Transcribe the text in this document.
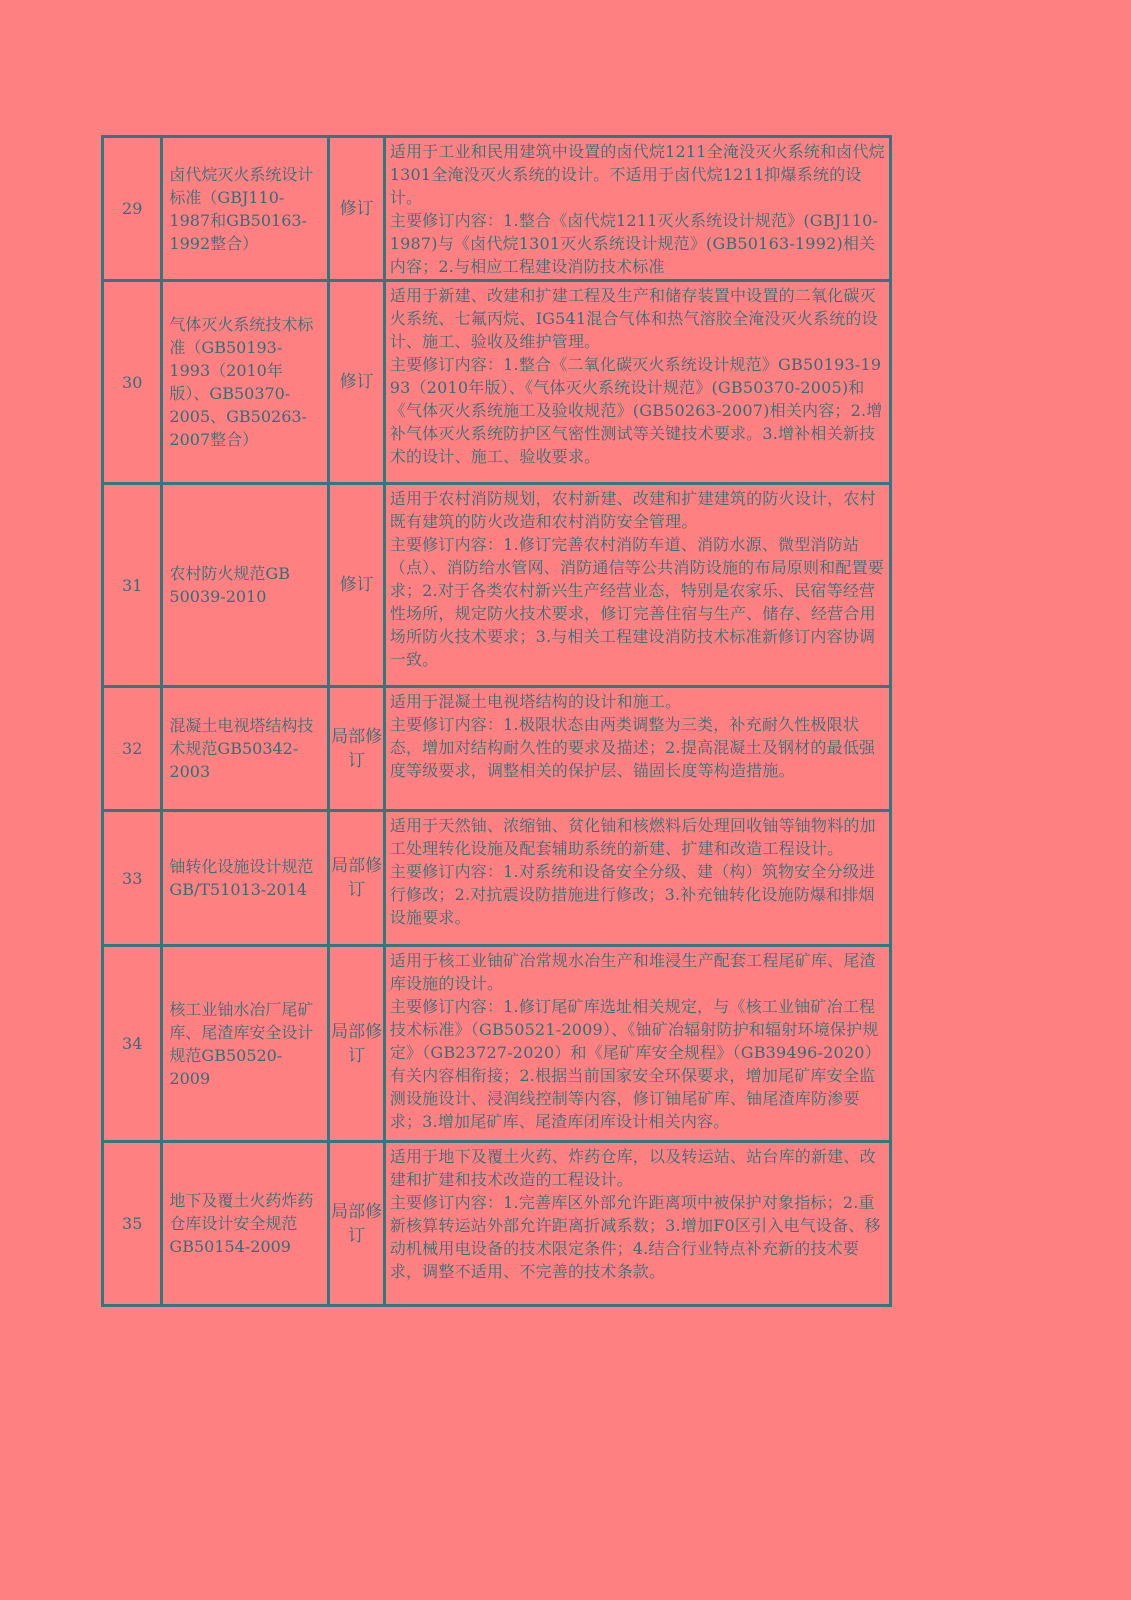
29	卤代烷灭火系统设计标准（GBJ110-1987和GB50163-1992整合）	修订	适用于工业和民用建筑中设置的卤代烷1211全淹没灭火系统和卤代烷1301全淹没灭火系统的设计。不适用于卤代烷1211抑爆系统的设计。
主要修订内容：1.整合《卤代烷1211灭火系统设计规范》(GBJ110-1987)与《卤代烷1301灭火系统设计规范》(GB50163-1992)相关内容；2.与相应工程建设消防技术标准

30	气体灭火系统技术标准（GB50193-1993（2010年版）、GB50370-2005、GB50263-2007整合）	修订	适用于新建、改建和扩建工程及生产和储存装置中设置的二氧化碳灭火系统、七氟丙烷、IG541混合气体和热气溶胶全淹没灭火系统的设计、施工、验收及维护管理。
主要修订内容：1.整合《二氧化碳灭火系统设计规范》GB50193-1993（2010年版）、《气体灭火系统设计规范》(GB50370-2005)和《气体灭火系统施工及验收规范》(GB50263-2007)相关内容；2.增补气体灭火系统防护区气密性测试等关键技术要求。3.增补相关新技术的设计、施工、验收要求。

31	农村防火规范GB 50039-2010	修订	适用于农村消防规划，农村新建、改建和扩建建筑的防火设计，农村既有建筑的防火改造和农村消防安全管理。
主要修订内容：1.修订完善农村消防车道、消防水源、微型消防站（点）、消防给水管网、消防通信等公共消防设施的布局原则和配置要求；2.对于各类农村新兴生产经营业态，特别是农家乐、民宿等经营性场所，规定防火技术要求，修订完善住宿与生产、储存、经营合用场所防火技术要求；3.与相关工程建设消防技术标准新修订内容协调一致。

32	混凝土电视塔结构技术规范GB50342-2003	局部修订	适用于混凝土电视塔结构的设计和施工。
主要修订内容：1.极限状态由两类调整为三类，补充耐久性极限状态，增加对结构耐久性的要求及描述；2.提高混凝土及钢材的最低强度等级要求，调整相关的保护层、锚固长度等构造措施。

33	铀转化设施设计规范GB/T51013-2014	局部修订	适用于天然铀、浓缩铀、贫化铀和核燃料后处理回收铀等铀物料的加工处理转化设施及配套辅助系统的新建、扩建和改造工程设计。
主要修订内容：1.对系统和设备安全分级、建（构）筑物安全分级进行修改；2.对抗震设防措施进行修改；3.补充铀转化设施防爆和排烟设施要求。

34	核工业铀水冶厂尾矿库、尾渣库安全设计规范GB50520-2009	局部修订	适用于核工业铀矿冶常规水冶生产和堆浸生产配套工程尾矿库、尾渣库设施的设计。
主要修订内容：1.修订尾矿库选址相关规定，与《核工业铀矿冶工程技术标准》（GB50521-2009）、《铀矿冶辐射防护和辐射环境保护规定》（GB23727-2020）和《尾矿库安全规程》（GB39496-2020）有关内容相衔接；2.根据当前国家安全环保要求，增加尾矿库安全监测设施设计、浸润线控制等内容，修订铀尾矿库、铀尾渣库防渗要求；3.增加尾矿库、尾渣库闭库设计相关内容。

35	地下及覆土火药炸药仓库设计安全规范GB50154-2009	局部修订	适用于地下及覆土火药、炸药仓库，以及转运站、站台库的新建、改建和扩建和技术改造的工程设计。
主要修订内容：1.完善库区外部允许距离项中被保护对象指标；2.重新核算转运站外部允许距离折减系数；3.增加F0区引入电气设备、移动机械用电设备的技术限定条件；4.结合行业特点补充新的技术要求，调整不适用、不完善的技术条款。
